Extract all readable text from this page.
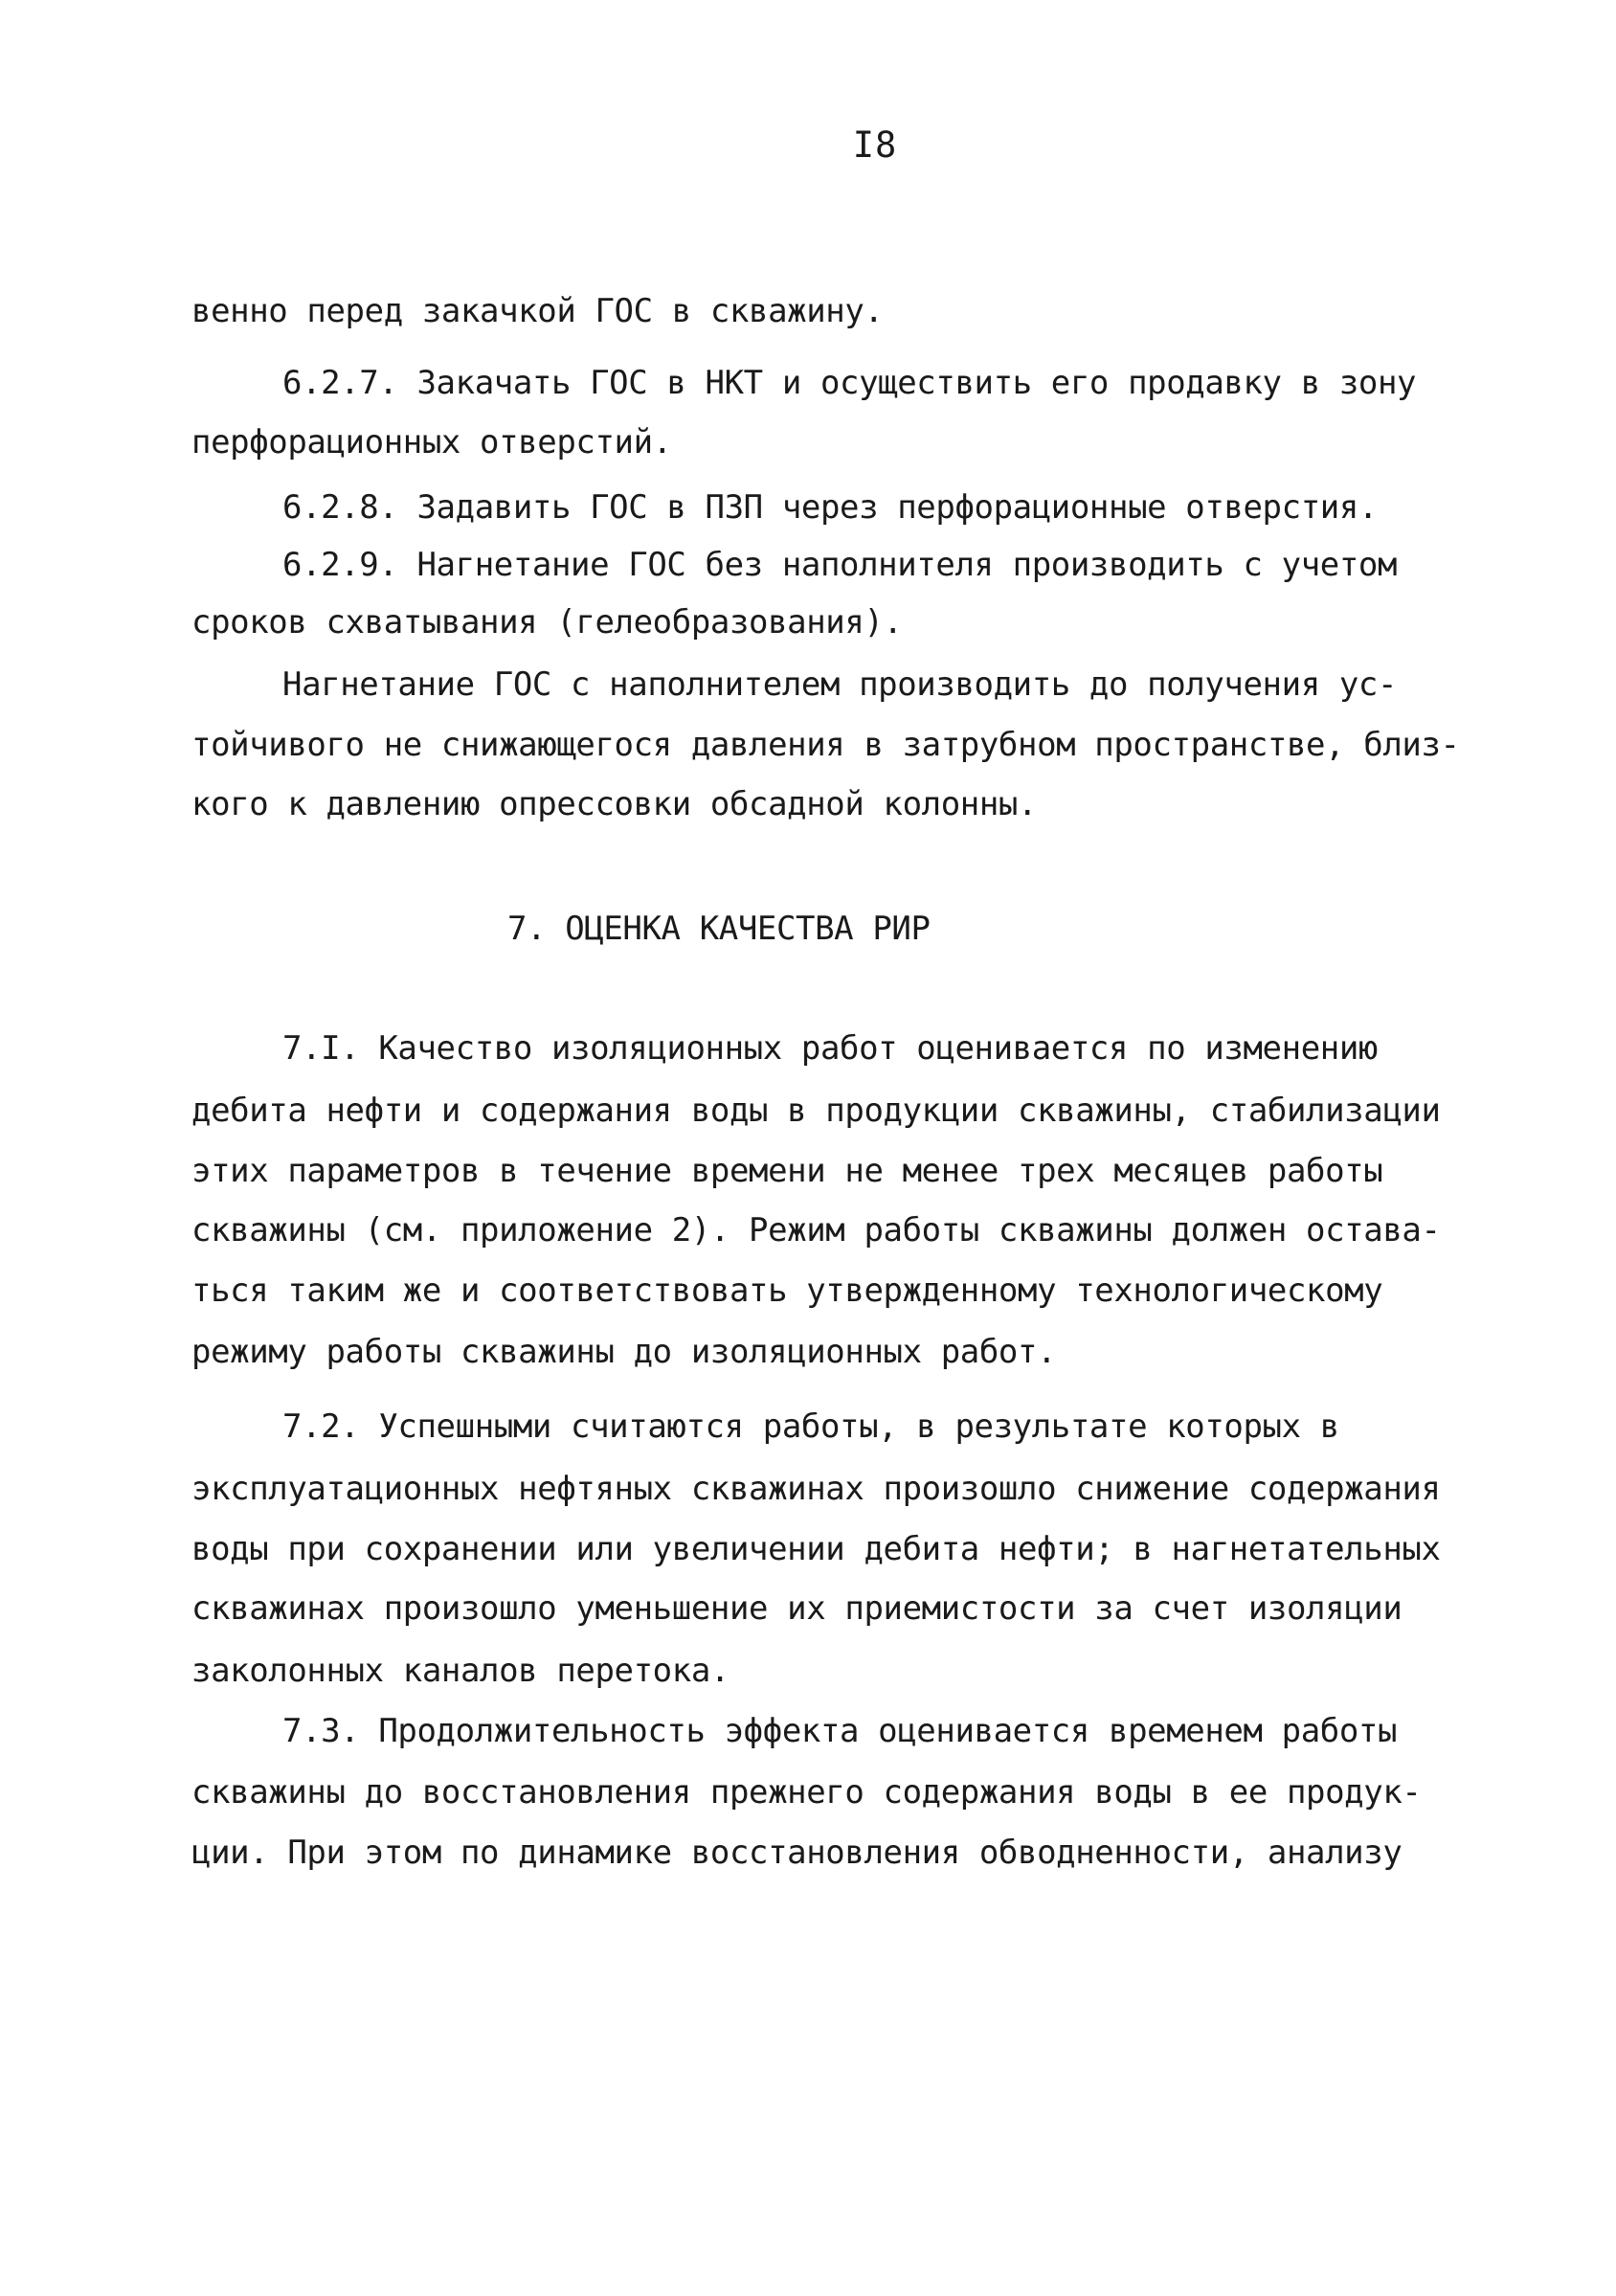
I8
венно перед закачкой ГОС в скважину.
6.2.7. Закачать ГОС в НКТ и осуществить его продавку в зону
перфорационных отверстий.
6.2.8. Задавить ГОС в ПЗП через перфорационные отверстия.
6.2.9. Нагнетание ГОС без наполнителя производить с учетом
сроков схватывания (гелеобразования).
Нагнетание ГОС с наполнителем производить до получения ус-
тойчивого не снижающегося давления в затрубном пространстве, близ-
кого к давлению опрессовки обсадной колонны.
7. ОЦЕНКА КАЧЕСТВА РИР
7.I. Качество изоляционных работ оценивается по изменению
дебита нефти и содержания воды в продукции скважины, стабилизации
этих параметров в течение времени не менее трех месяцев работы
скважины (см. приложение 2). Режим работы скважины должен остава-
ться таким же и соответствовать утвержденному технологическому
режиму работы скважины до изоляционных работ.
7.2. Успешными считаются работы, в результате которых в
эксплуатационных нефтяных скважинах произошло снижение содержания
воды при сохранении или увеличении дебита нефти; в нагнетательных
скважинах произошло уменьшение их приемистости за счет изоляции
заколонных каналов перетока.
7.3. Продолжительность эффекта оценивается временем работы
скважины до восстановления прежнего содержания воды в ее продук-
ции. При этом по динамике восстановления обводненности, анализу
